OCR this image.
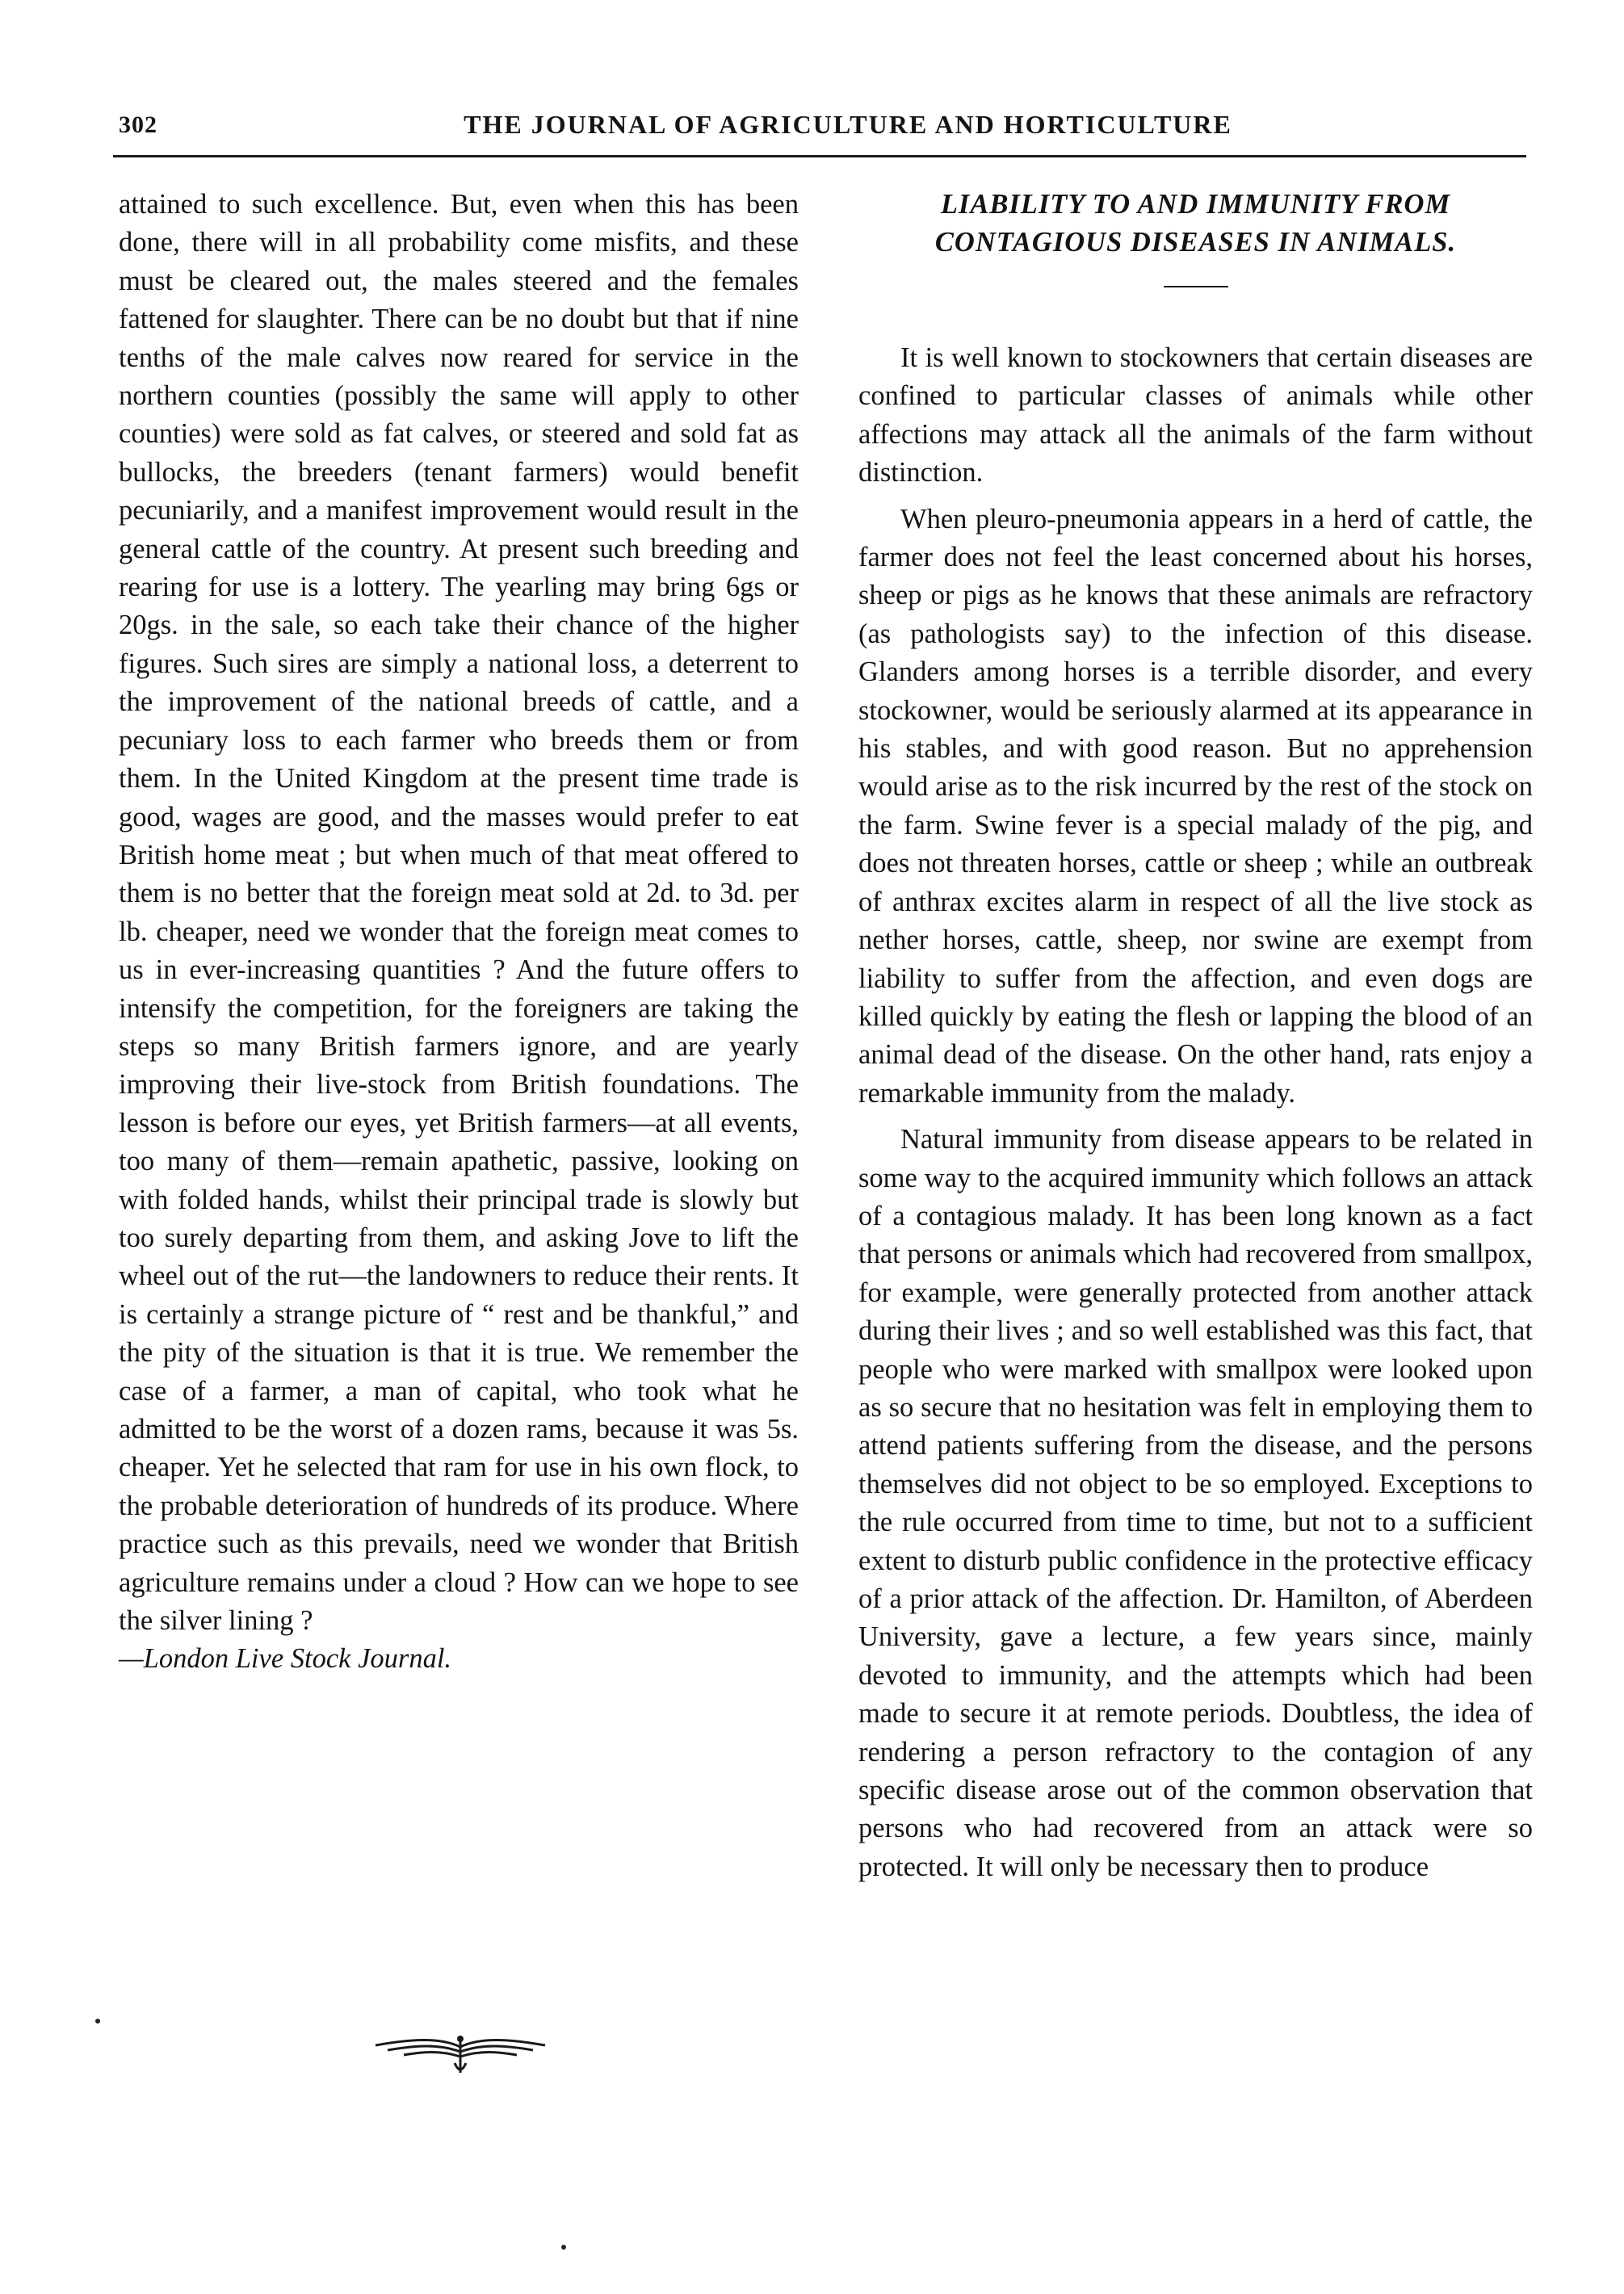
302	THE JOURNAL OF AGRICULTURE AND HORTICULTURE

attained to such excellence. But, even when this has been done, there will in all probability come misfits, and these must be cleared out, the males steered and the females fattened for slaughter. There can be no doubt but that if nine tenths of the male calves now reared for service in the northern counties (possibly the same will apply to other counties) were sold as fat calves, or steered and sold fat as bullocks, the breeders (tenant farmers) would benefit pecuniarily, and a manifest improvement would result in the general cattle of the country. At present such breeding and rearing for use is a lottery. The yearling may bring 6gs or 20gs. in the sale, so each take their chance of the higher figures. Such sires are simply a national loss, a deterrent to the improvement of the national breeds of cattle, and a pecuniary loss to each farmer who breeds them or from them. In the United Kingdom at the present time trade is good, wages are good, and the masses would prefer to eat British home meat ; but when much of that meat offered to them is no better that the foreign meat sold at 2d. to 3d. per lb. cheaper, need we wonder that the foreign meat comes to us in ever-increasing quantities ? And the future offers to intensify the competition, for the foreigners are taking the steps so many British farmers ignore, and are yearly improving their live-stock from British foundations. The lesson is before our eyes, yet British farmers—at all events, too many of them—remain apathetic, passive, looking on with folded hands, whilst their principal trade is slowly but too surely departing from them, and asking Jove to lift the wheel out of the rut—the landowners to reduce their rents. It is certainly a strange picture of “ rest and be thankful,” and the pity of the situation is that it is true. We remember the case of a farmer, a man of capital, who took what he admitted to be the worst of a dozen rams, because it was 5s. cheaper. Yet he selected that ram for use in his own flock, to the probable deterioration of hundreds of its produce. Where practice such as this prevails, need we wonder that British agriculture remains under a cloud ? How can we hope to see the silver lining ?

—London Live Stock Journal.

LIABILITY TO AND IMMUNITY FROM CONTAGIOUS DISEASES IN ANIMALS.

It is well known to stockowners that certain diseases are confined to particular classes of animals while other affections may attack all the animals of the farm without distinction.

When pleuro-pneumonia appears in a herd of cattle, the farmer does not feel the least concerned about his horses, sheep or pigs as he knows that these animals are refractory (as pathologists say) to the infection of this disease. Glanders among horses is a terrible disorder, and every stockowner, would be seriously alarmed at its appearance in his stables, and with good reason. But no apprehension would arise as to the risk incurred by the rest of the stock on the farm. Swine fever is a special malady of the pig, and does not threaten horses, cattle or sheep ; while an outbreak of anthrax excites alarm in respect of all the live stock as nether horses, cattle, sheep, nor swine are exempt from liability to suffer from the affection, and even dogs are killed quickly by eating the flesh or lapping the blood of an animal dead of the disease. On the other hand, rats enjoy a remarkable immunity from the malady.

Natural immunity from disease appears to be related in some way to the acquired immunity which follows an attack of a contagious malady. It has been long known as a fact that persons or animals which had recovered from smallpox, for example, were generally protected from another attack during their lives ; and so well established was this fact, that people who were marked with smallpox were looked upon as so secure that no hesitation was felt in employing them to attend patients suffering from the disease, and the persons themselves did not object to be so employed. Exceptions to the rule occurred from time to time, but not to a sufficient extent to disturb public confidence in the protective efficacy of a prior attack of the affection. Dr. Hamilton, of Aberdeen University, gave a lecture, a few years since, mainly devoted to immunity, and the attempts which had been made to secure it at remote periods. Doubtless, the idea of rendering a person refractory to the contagion of any specific disease arose out of the common observation that persons who had recovered from an attack were so protected. It will only be necessary then to produce
